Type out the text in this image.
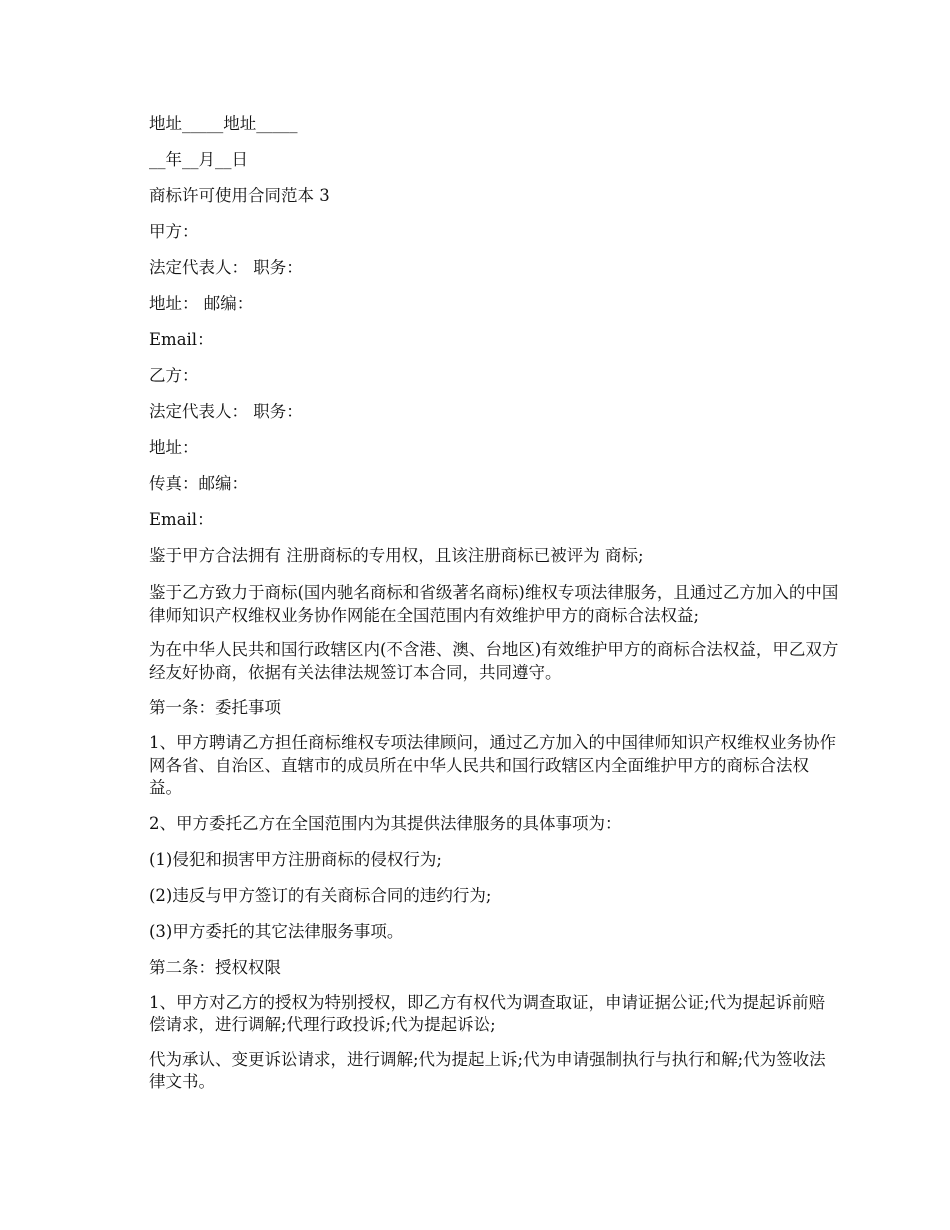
地址_____地址_____

__年__月__日

商标许可使用合同范本 3

甲方：

法定代表人： 职务：

地址： 邮编：

Email：

乙方：

法定代表人： 职务：

地址：

传真：邮编：

Email：

鉴于甲方合法拥有 注册商标的专用权，且该注册商标已被评为 商标;

鉴于乙方致力于商标(国内驰名商标和省级著名商标)维权专项法律服务，且通过乙方加入的中国律师知识产权维权业务协作网能在全国范围内有效维护甲方的商标合法权益;

为在中华人民共和国行政辖区内(不含港、澳、台地区)有效维护甲方的商标合法权益，甲乙双方经友好协商，依据有关法律法规签订本合同，共同遵守。

第一条：委托事项

1、甲方聘请乙方担任商标维权专项法律顾问，通过乙方加入的中国律师知识产权维权业务协作网各省、自治区、直辖市的成员所在中华人民共和国行政辖区内全面维护甲方的商标合法权益。

2、甲方委托乙方在全国范围内为其提供法律服务的具体事项为：

(1)侵犯和损害甲方注册商标的侵权行为;

(2)违反与甲方签订的有关商标合同的违约行为;

(3)甲方委托的其它法律服务事项。

第二条：授权权限

1、甲方对乙方的授权为特别授权，即乙方有权代为调查取证，申请证据公证;代为提起诉前赔偿请求，进行调解;代理行政投诉;代为提起诉讼;

代为承认、变更诉讼请求，进行调解;代为提起上诉;代为申请强制执行与执行和解;代为签收法律文书。
